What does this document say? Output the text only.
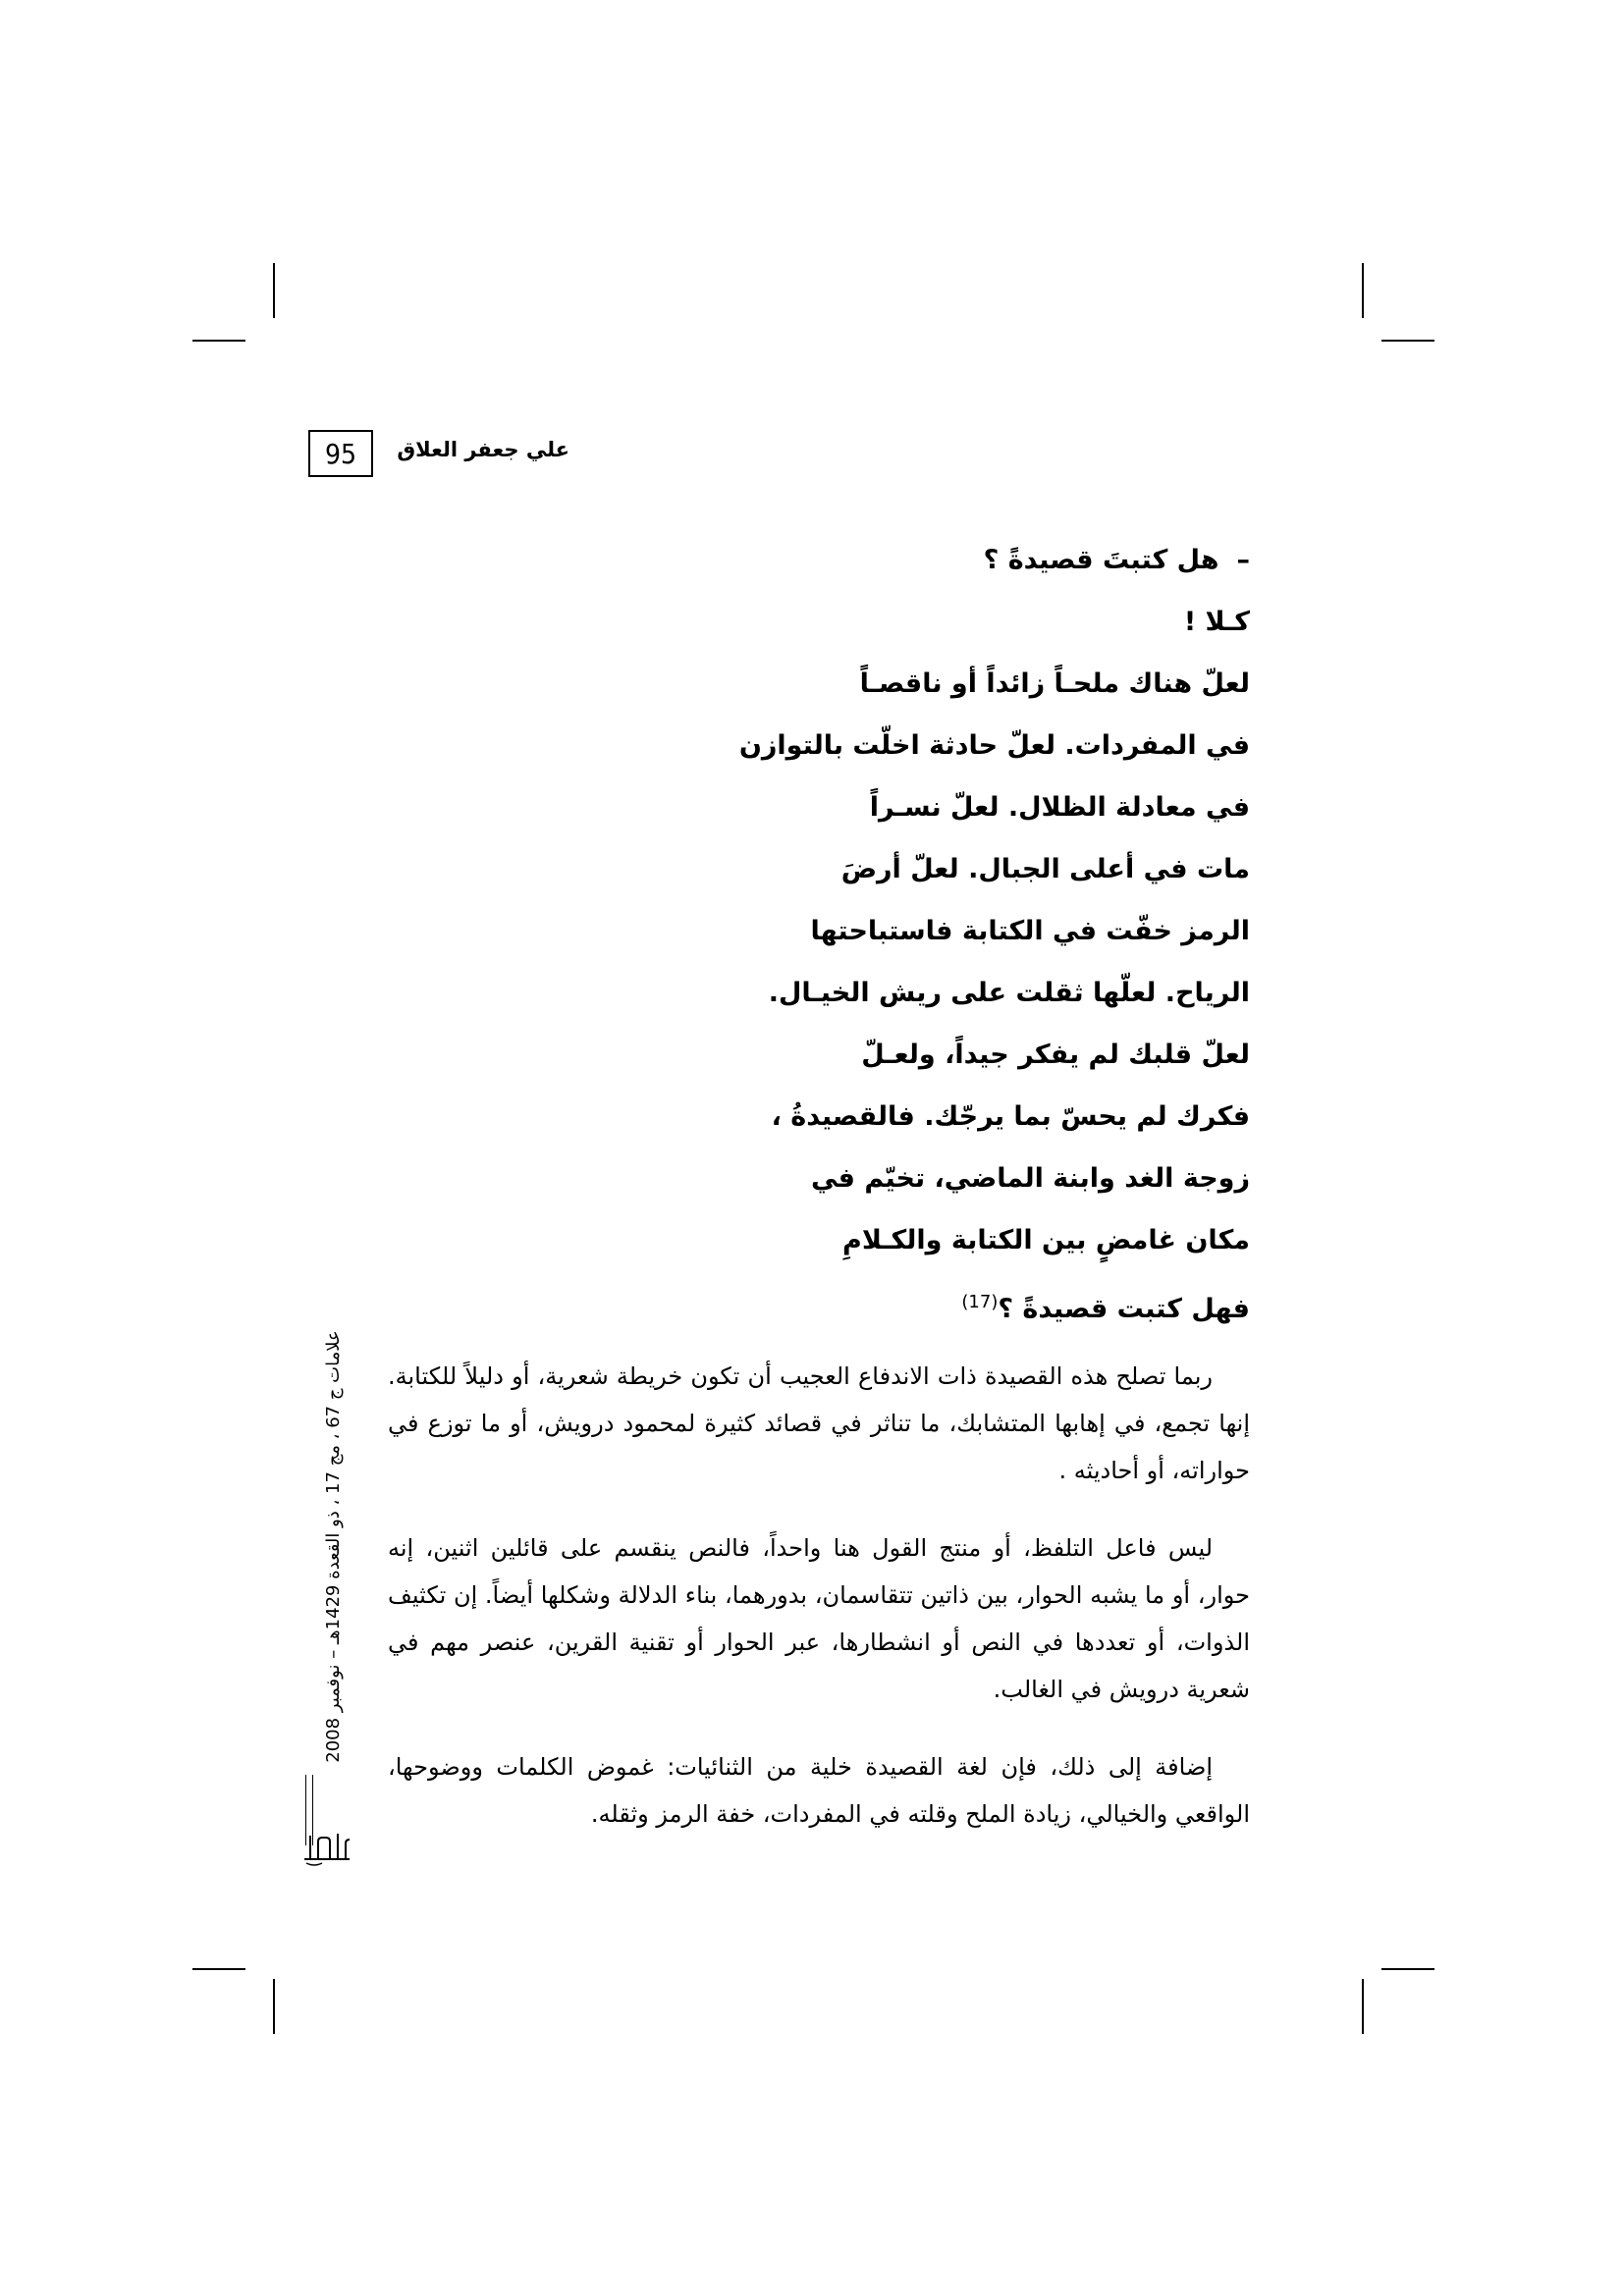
95	علي جعفر العلاق
–هل كتبتَ قصيدةً ؟
كـلا !
لعلّ هناك ملحـاً زائداً أو ناقصـاً
في المفردات. لعلّ حادثة اخلّت بالتوازن
في معادلة الظلال. لعلّ نسـراً
مات في أعلى الجبال. لعلّ أرضَ
الرمز خفّت في الكتابة فاستباحتها
الرياح. لعلّها ثقلت على ريش الخيـال.
لعلّ قلبك لم يفكر جيداً، ولعـلّ
فكرك لم يحسّ بما يرجّك. فالقصيدةُ ،
زوجة الغد وابنة الماضي، تخيّم في
مكان غامضٍ بين الكتابة والكـلامِ
فهل كتبت قصيدةً ؟$^{(17)}$

ربما تصلح هذه القصيدة ذات الاندفاع العجيب أن تكون خريطة شعرية، أو دليلاً للكتابة. إنها تجمع، في إهابها المتشابك، ما تناثر في قصائد كثيرة لمحمود درويش، أو ما توزع في حواراته، أو أحاديثه .

ليس فاعل التلفظ، أو منتج القول هنا واحداً، فالنص ينقسم على قائلين اثنين، إنه حوار، أو ما يشبه الحوار، بين ذاتين تتقاسمان، بدورهما، بناء الدلالة وشكلها أيضاً. إن تكثيف الذوات، أو تعددها في النص أو انشطارها، عبر الحوار أو تقنية القرين، عنصر مهم في شعرية درويش في الغالب.

إضافة إلى ذلك، فإن لغة القصيدة خلية من الثنائيات: غموض الكلمات ووضوحها، الواقعي والخيالي، زيادة الملح وقلته في المفردات، خفة الرمز وثقله.

علامات ج 67 ، مج 17 ، ذو القعدة 1429هـ – نوفمبر 2008
